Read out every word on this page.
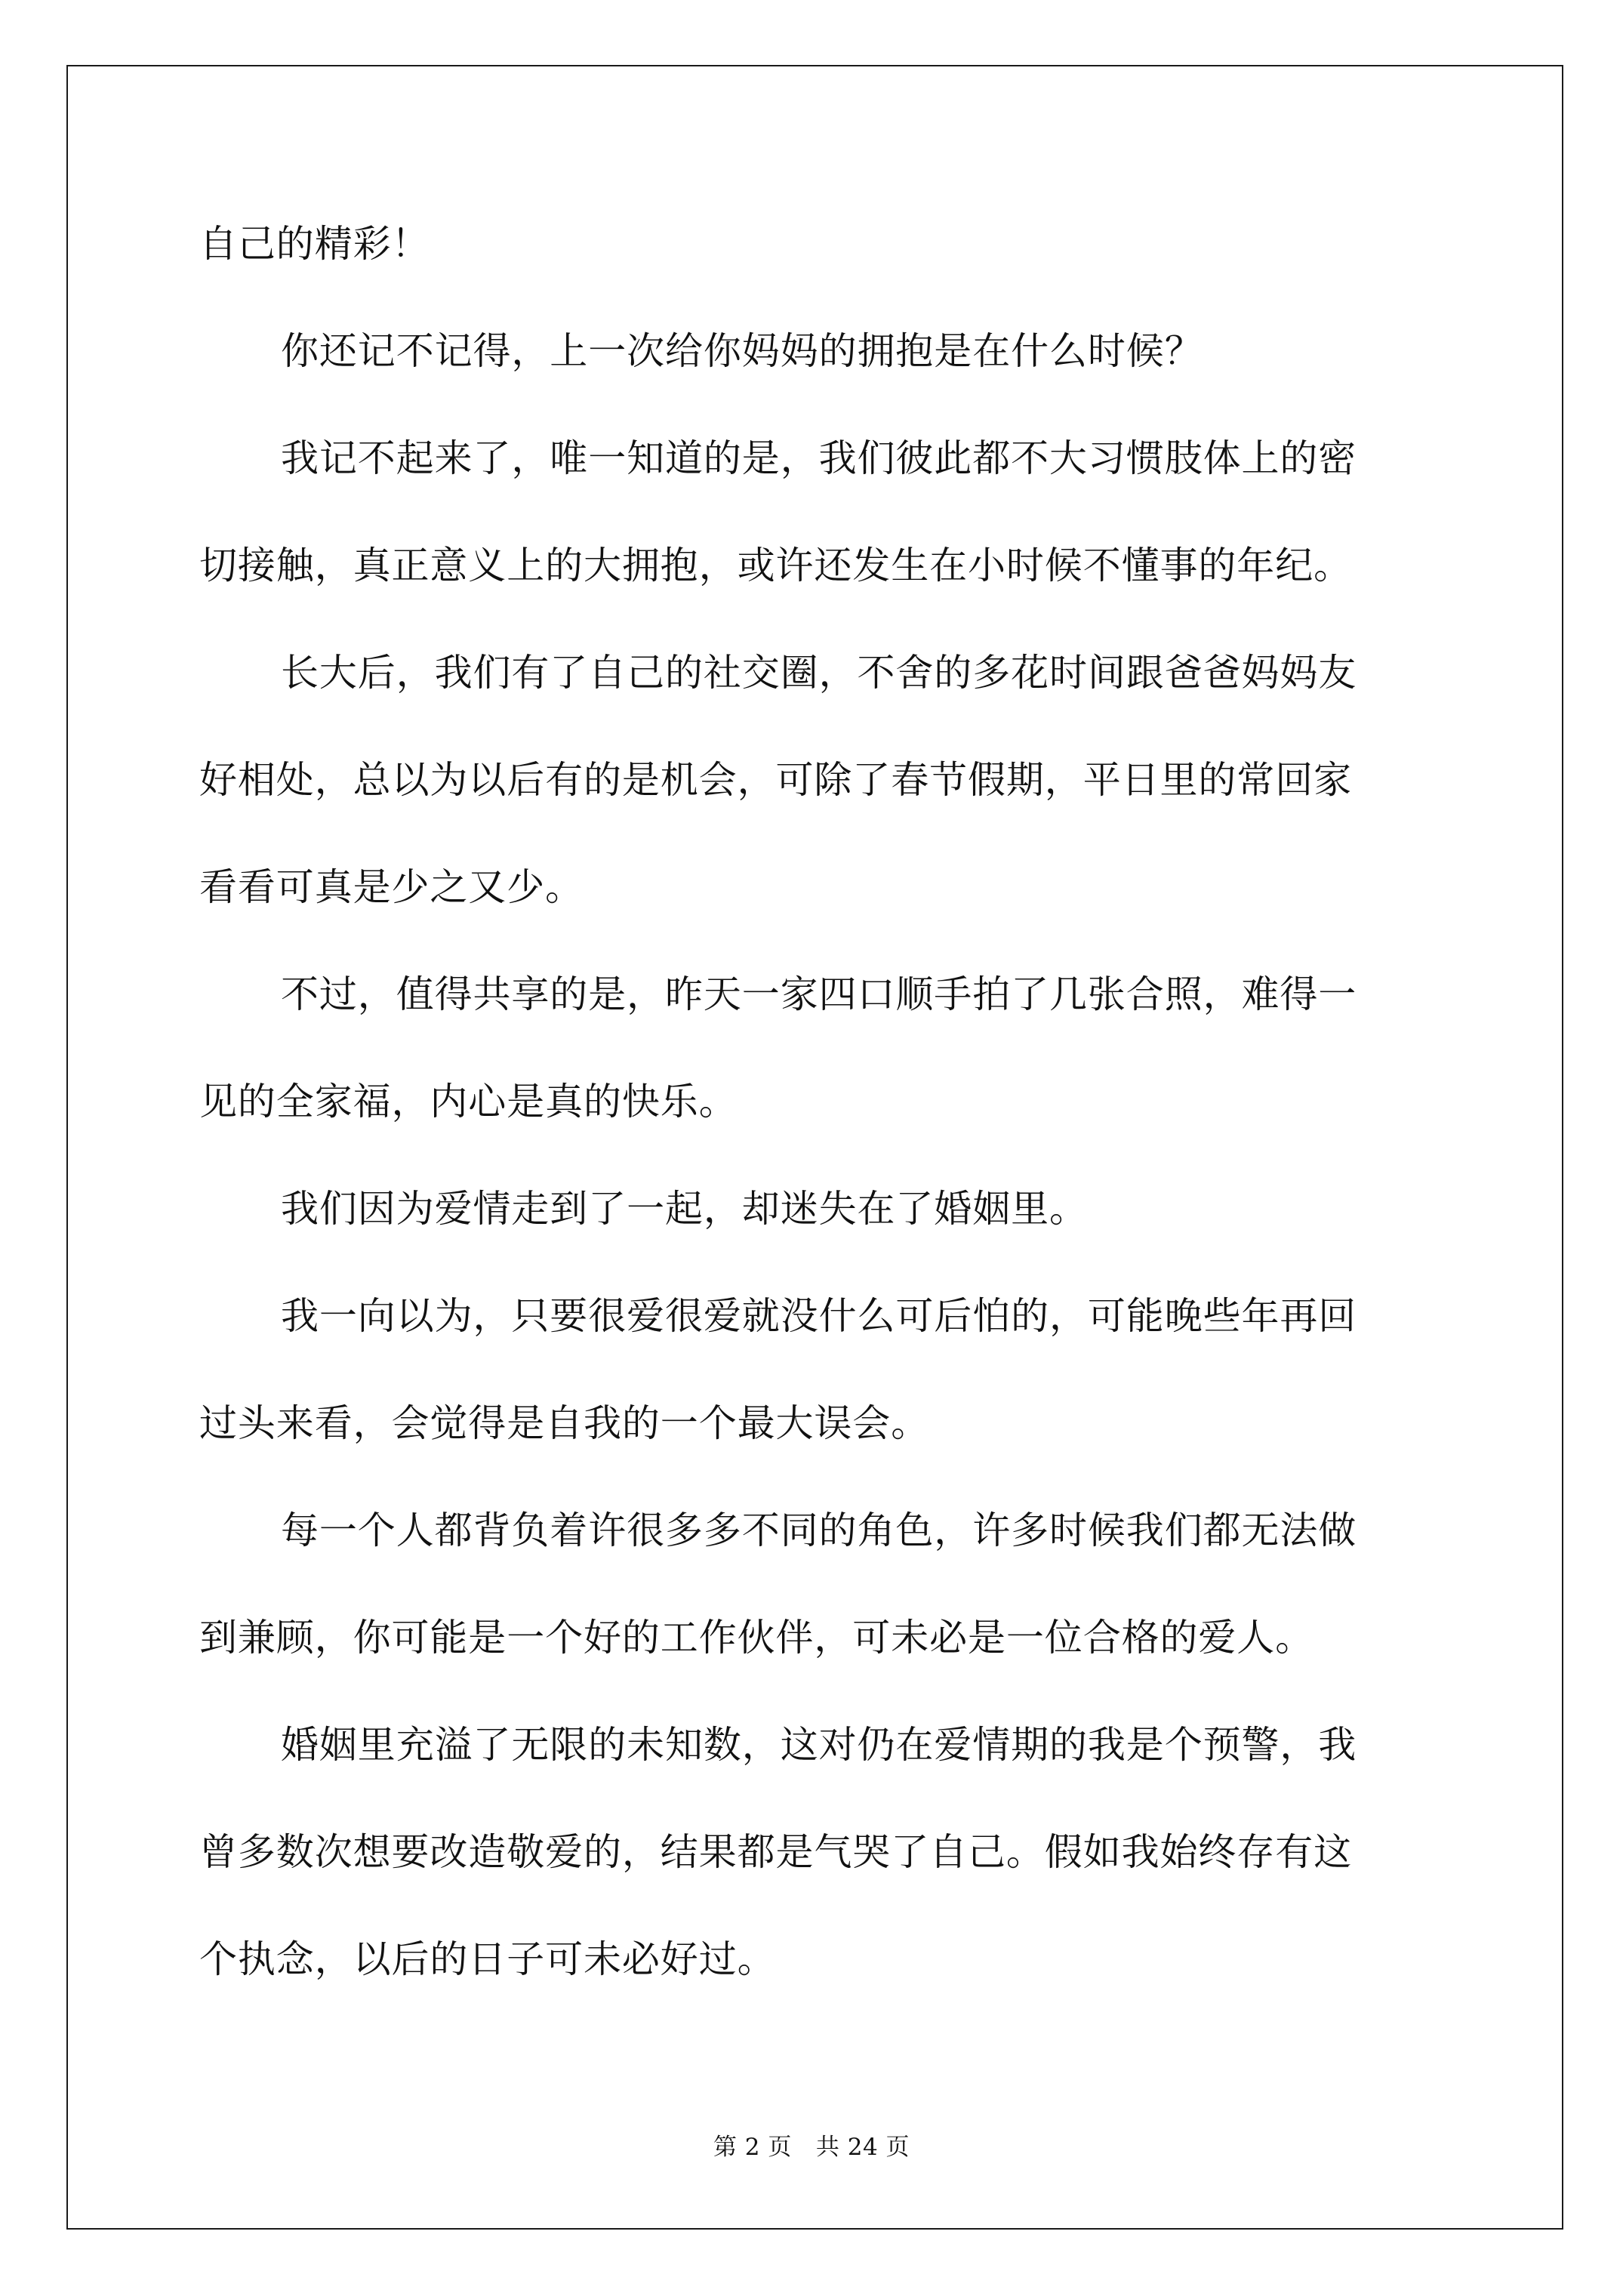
自己的精彩！
你还记不记得，上一次给你妈妈的拥抱是在什么时候？
我记不起来了，唯一知道的是，我们彼此都不大习惯肢体上的密
切接触，真正意义上的大拥抱，或许还发生在小时候不懂事的年纪。
长大后，我们有了自己的社交圈，不舍的多花时间跟爸爸妈妈友
好相处，总以为以后有的是机会，可除了春节假期，平日里的常回家
看看可真是少之又少。
不过，值得共享的是，昨天一家四口顺手拍了几张合照，难得一
见的全家福，内心是真的快乐。
我们因为爱情走到了一起，却迷失在了婚姻里。
我一向以为，只要很爱很爱就没什么可后怕的，可能晚些年再回
过头来看，会觉得是自我的一个最大误会。
每一个人都背负着许很多多不同的角色，许多时候我们都无法做
到兼顾，你可能是一个好的工作伙伴，可未必是一位合格的爱人。
婚姻里充溢了无限的未知数，这对仍在爱情期的我是个预警，我
曾多数次想要改造敬爱的，结果都是气哭了自己。假如我始终存有这
个执念，以后的日子可未必好过。
第 2 页 共 24 页
